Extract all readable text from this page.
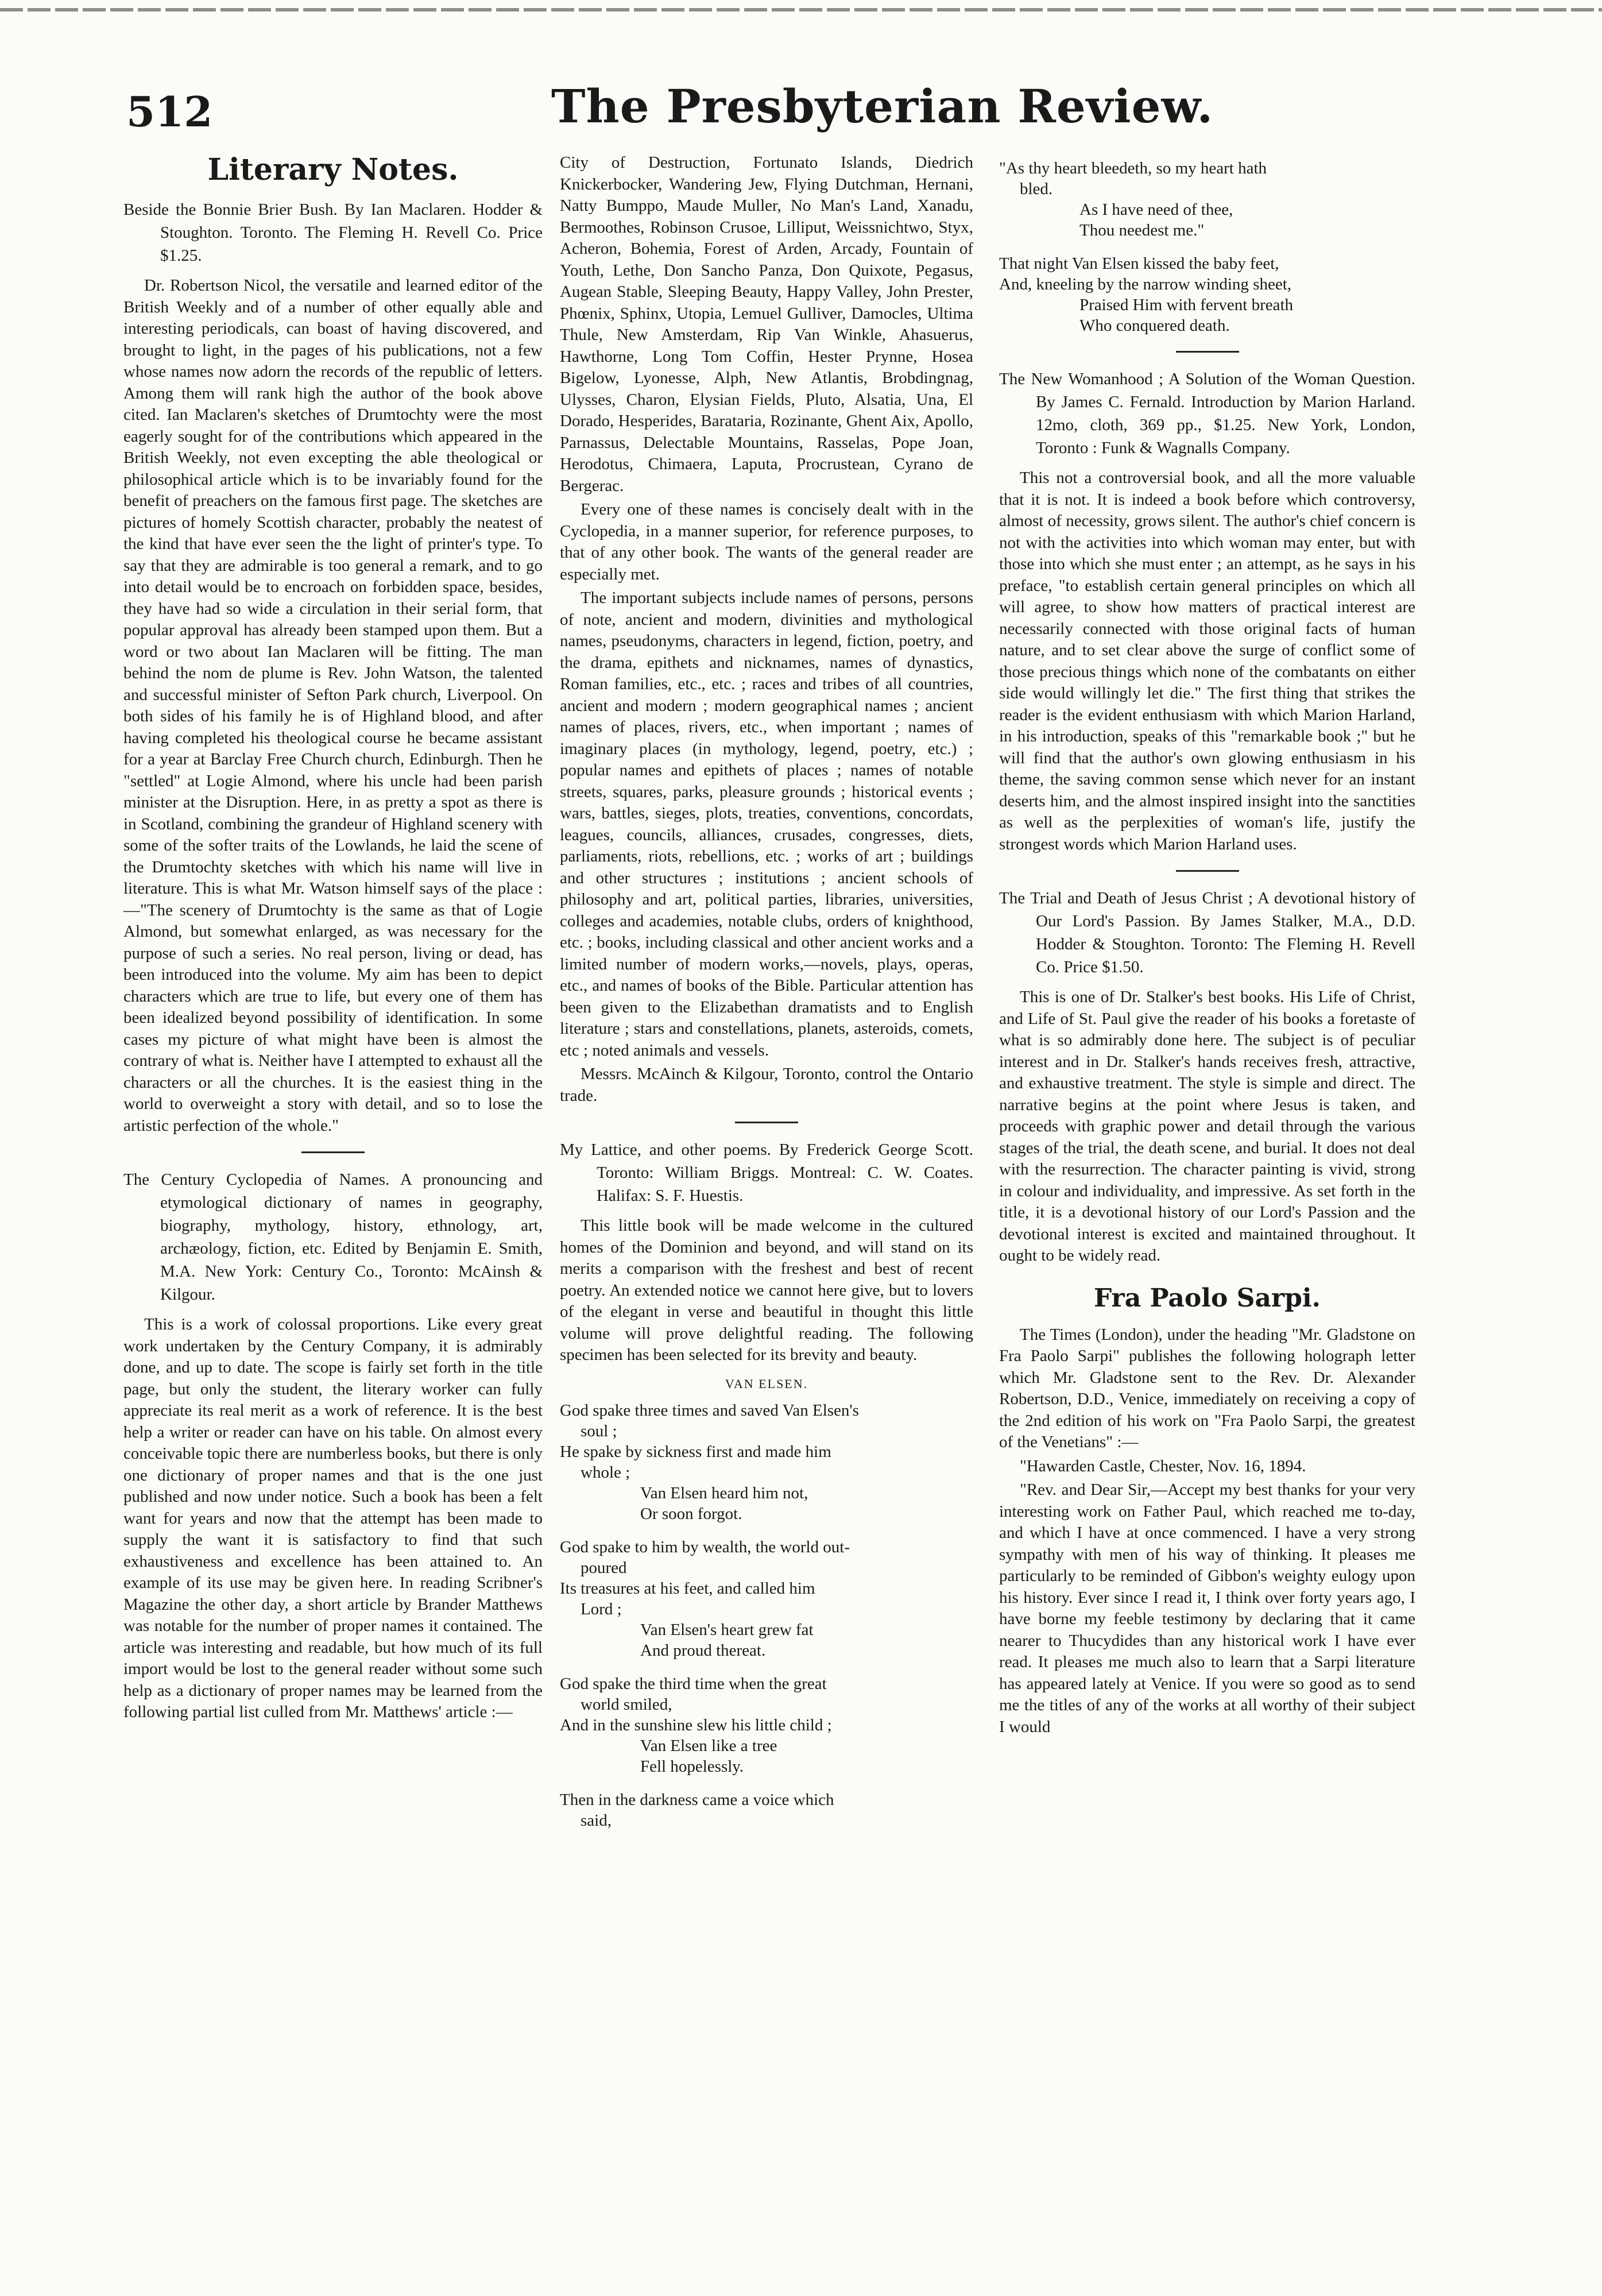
512	The Presbyterian Review.
Literary Notes.
Beside the Bonnie Brier Bush. By Ian Maclaren. Hodder & Stoughton. Toronto. The Fleming H. Revell Co. Price $1.25.

Dr. Robertson Nicol, the versatile and learned editor of the British Weekly and of a number of other equally able and interesting periodicals, can boast of having discovered, and brought to light, in the pages of his publications, not a few whose names now adorn the records of the republic of letters. Among them will rank high the author of the book above cited. Ian Maclaren's sketches of Drumtochty were the most eagerly sought for of the contributions which appeared in the British Weekly, not even excepting the able theological or philosophical article which is to be invariably found for the benefit of preachers on the famous first page. The sketches are pictures of homely Scottish character, probably the neatest of the kind that have ever seen the the light of printer's type. To say that they are admirable is too general a remark, and to go into detail would be to encroach on forbidden space, besides, they have had so wide a circulation in their serial form, that popular approval has already been stamped upon them. But a word or two about Ian Maclaren will be fitting. The man behind the nom de plume is Rev. John Watson, the talented and successful minister of Sefton Park church, Liverpool. On both sides of his family he is of Highland blood, and after having completed his theological course he became assistant for a year at Barclay Free Church church, Edinburgh. Then he "settled" at Logie Almond, where his uncle had been parish minister at the Disruption. Here, in as pretty a spot as there is in Scotland, combining the grandeur of Highland scenery with some of the softer traits of the Lowlands, he laid the scene of the Drumtochty sketches with which his name will live in literature. This is what Mr. Watson himself says of the place :—"The scenery of Drumtochty is the same as that of Logie Almond, but somewhat enlarged, as was necessary for the purpose of such a series. No real person, living or dead, has been introduced into the volume. My aim has been to depict characters which are true to life, but every one of them has been idealized beyond possibility of identification. In some cases my picture of what might have been is almost the contrary of what is. Neither have I attempted to exhaust all the characters or all the churches. It is the easiest thing in the world to overweight a story with detail, and so to lose the artistic perfection of the whole."

The Century Cyclopedia of Names. A pronouncing and etymological dictionary of names in geography, biography, mythology, history, ethnology, art, archæology, fiction, etc. Edited by Benjamin E. Smith, M.A. New York: Century Co., Toronto: McAinsh & Kilgour.

This is a work of colossal proportions. Like every great work undertaken by the Century Company, it is admirably done, and up to date. The scope is fairly set forth in the title page, but only the student, the literary worker can fully appreciate its real merit as a work of reference. It is the best help a writer or reader can have on his table. On almost every conceivable topic there are numberless books, but there is only one dictionary of proper names and that is the one just published and now under notice. Such a book has been a felt want for years and now that the attempt has been made to supply the want it is satisfactory to find that such exhaustiveness and excellence has been attained to. An example of its use may be given here. In reading Scribner's Magazine the other day, a short article by Brander Matthews was notable for the number of proper names it contained. The article was interesting and readable, but how much of its full import would be lost to the general reader without some such help as a dictionary of proper names may be learned from the following partial list culled from Mr. Matthews' article :—

City of Destruction, Fortunato Islands, Diedrich Knickerbocker, Wandering Jew, Flying Dutchman, Hernani, Natty Bumppo, Maude Muller, No Man's Land, Xanadu, Bermoothes, Robinson Crusoe, Lilliput, Weissnichtwo, Styx, Acheron, Bohemia, Forest of Arden, Arcady, Fountain of Youth, Lethe, Don Sancho Panza, Don Quixote, Pegasus, Augean Stable, Sleeping Beauty, Happy Valley, John Prester, Phœnix, Sphinx, Utopia, Lemuel Gulliver, Damocles, Ultima Thule, New Amsterdam, Rip Van Winkle, Ahasuerus, Hawthorne, Long Tom Coffin, Hester Prynne, Hosea Bigelow, Lyonesse, Alph, New Atlantis, Brobdingnag, Ulysses, Charon, Elysian Fields, Pluto, Alsatia, Una, El Dorado, Hesperides, Barataria, Rozinante, Ghent Aix, Apollo, Parnassus, Delectable Mountains, Rasselas, Pope Joan, Herodotus, Chimaera, Laputa, Procrustean, Cyrano de Bergerac.

Every one of these names is concisely dealt with in the Cyclopedia, in a manner superior, for reference purposes, to that of any other book. The wants of the general reader are especially met.

The important subjects include names of persons, persons of note, ancient and modern, divinities and mythological names, pseudonyms, characters in legend, fiction, poetry, and the drama, epithets and nicknames, names of dynastics, Roman families, etc., etc. ; races and tribes of all countries, ancient and modern ; modern geographical names ; ancient names of places, rivers, etc., when important ; names of imaginary places (in mythology, legend, poetry, etc.) ; popular names and epithets of places ; names of notable streets, squares, parks, pleasure grounds ; historical events ; wars, battles, sieges, plots, treaties, conventions, concordats, leagues, councils, alliances, crusades, congresses, diets, parliaments, riots, rebellions, etc. ; works of art ; buildings and other structures ; institutions ; ancient schools of philosophy and art, political parties, libraries, universities, colleges and academies, notable clubs, orders of knighthood, etc. ; books, including classical and other ancient works and a limited number of modern works,—novels, plays, operas, etc., and names of books of the Bible. Particular attention has been given to the Elizabethan dramatists and to English literature ; stars and constellations, planets, asteroids, comets, etc ; noted animals and vessels.

Messrs. McAinch & Kilgour, Toronto, control the Ontario trade.

My Lattice, and other poems. By Frederick George Scott. Toronto: William Briggs. Montreal: C. W. Coates. Halifax: S. F. Huestis.

This little book will be made welcome in the cultured homes of the Dominion and beyond, and will stand on its merits a comparison with the freshest and best of recent poetry. An extended notice we cannot here give, but to lovers of the elegant in verse and beautiful in thought this little volume will prove delightful reading. The following specimen has been selected for its brevity and beauty.

VAN ELSEN.
God spake three times and saved Van Elsen's
soul ;
He spake by sickness first and made him
whole ;
Van Elsen heard him not,
Or soon forgot.
God spake to him by wealth, the world out-
poured
Its treasures at his feet, and called him
Lord ;
Van Elsen's heart grew fat
And proud thereat.
God spake the third time when the great
world smiled,
And in the sunshine slew his little child ;
Van Elsen like a tree
Fell hopelessly.
Then in the darkness came a voice which
said,
"As thy heart bleedeth, so my heart hath
bled.
As I have need of thee,
Thou needest me."
That night Van Elsen kissed the baby feet,
And, kneeling by the narrow winding sheet,
Praised Him with fervent breath
Who conquered death.
The New Womanhood ; A Solution of the Woman Question. By James C. Fernald. Introduction by Marion Harland. 12mo, cloth, 369 pp., $1.25. New York, London, Toronto : Funk & Wagnalls Company.

This not a controversial book, and all the more valuable that it is not. It is indeed a book before which controversy, almost of necessity, grows silent. The author's chief concern is not with the activities into which woman may enter, but with those into which she must enter ; an attempt, as he says in his preface, "to establish certain general principles on which all will agree, to show how matters of practical interest are necessarily connected with those original facts of human nature, and to set clear above the surge of conflict some of those precious things which none of the combatants on either side would willingly let die." The first thing that strikes the reader is the evident enthusiasm with which Marion Harland, in his introduction, speaks of this "remarkable book ;" but he will find that the author's own glowing enthusiasm in his theme, the saving common sense which never for an instant deserts him, and the almost inspired insight into the sanctities as well as the perplexities of woman's life, justify the strongest words which Marion Harland uses.

The Trial and Death of Jesus Christ ; A devotional history of Our Lord's Passion. By James Stalker, M.A., D.D. Hodder & Stoughton. Toronto: The Fleming H. Revell Co. Price $1.50.

This is one of Dr. Stalker's best books. His Life of Christ, and Life of St. Paul give the reader of his books a foretaste of what is so admirably done here. The subject is of peculiar interest and in Dr. Stalker's hands receives fresh, attractive, and exhaustive treatment. The style is simple and direct. The narrative begins at the point where Jesus is taken, and proceeds with graphic power and detail through the various stages of the trial, the death scene, and burial. It does not deal with the resurrection. The character painting is vivid, strong in colour and individuality, and impressive. As set forth in the title, it is a devotional history of our Lord's Passion and the devotional interest is excited and maintained throughout. It ought to be widely read.

Fra Paolo Sarpi.

The Times (London), under the heading "Mr. Gladstone on Fra Paolo Sarpi" publishes the following holograph letter which Mr. Gladstone sent to the Rev. Dr. Alexander Robertson, D.D., Venice, immediately on receiving a copy of the 2nd edition of his work on "Fra Paolo Sarpi, the greatest of the Venetians" :—

"Hawarden Castle, Chester, Nov. 16, 1894.

"Rev. and Dear Sir,—Accept my best thanks for your very interesting work on Father Paul, which reached me to-day, and which I have at once commenced. I have a very strong sympathy with men of his way of thinking. It pleases me particularly to be reminded of Gibbon's weighty eulogy upon his history. Ever since I read it, I think over forty years ago, I have borne my feeble testimony by declaring that it came nearer to Thucydides than any historical work I have ever read. It pleases me much also to learn that a Sarpi literature has appeared lately at Venice. If you were so good as to send me the titles of any of the works at all worthy of their subject I would
